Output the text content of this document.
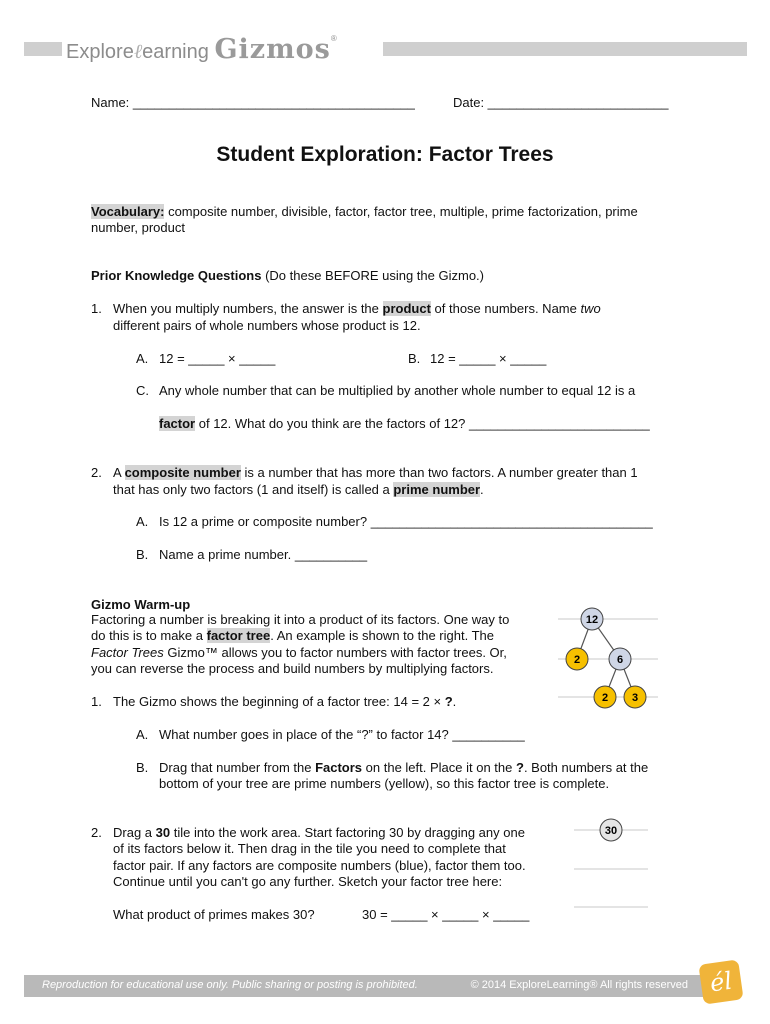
Exploreℓearning Gizmos®
Name: _______________________________________	Date: _________________________
Student Exploration: Factor Trees
Vocabulary: composite number, divisible, factor, factor tree, multiple, prime factorization, prime
number, product
Prior Knowledge Questions (Do these BEFORE using the Gizmo.)
1. When you multiply numbers, the answer is the product of those numbers. Name two
different pairs of whole numbers whose product is 12.
A. 12 = _____ × _____	B. 12 = _____ × _____
C. Any whole number that can be multiplied by another whole number to equal 12 is a
factor of 12. What do you think are the factors of 12? _________________________
2. A composite number is a number that has more than two factors. A number greater than 1
that has only two factors (1 and itself) is called a prime number.
A. Is 12 a prime or composite number? _______________________________________
B. Name a prime number. __________
Gizmo Warm-up
Factoring a number is breaking it into a product of its factors. One way to
do this is to make a factor tree. An example is shown to the right. The
Factor Trees Gizmo™ allows you to factor numbers with factor trees. Or,
you can reverse the process and build numbers by multiplying factors.
12
2	6
2 3
1. The Gizmo shows the beginning of a factor tree: 14 = 2 × ?.
A. What number goes in place of the “?” to factor 14? __________
B. Drag that number from the Factors on the left. Place it on the ?. Both numbers at the
bottom of your tree are prime numbers (yellow), so this factor tree is complete.
2. Drag a 30 tile into the work area. Start factoring 30 by dragging any one
of its factors below it. Then drag in the tile you need to complete that
factor pair. If any factors are composite numbers (blue), factor them too.
Continue until you can't go any further. Sketch your factor tree here:
What product of primes makes 30?	30 = _____ × _____ × _____
30
Reproduction for educational use only. Public sharing or posting is prohibited.	© 2014 ExploreLearning® All rights reserved él
